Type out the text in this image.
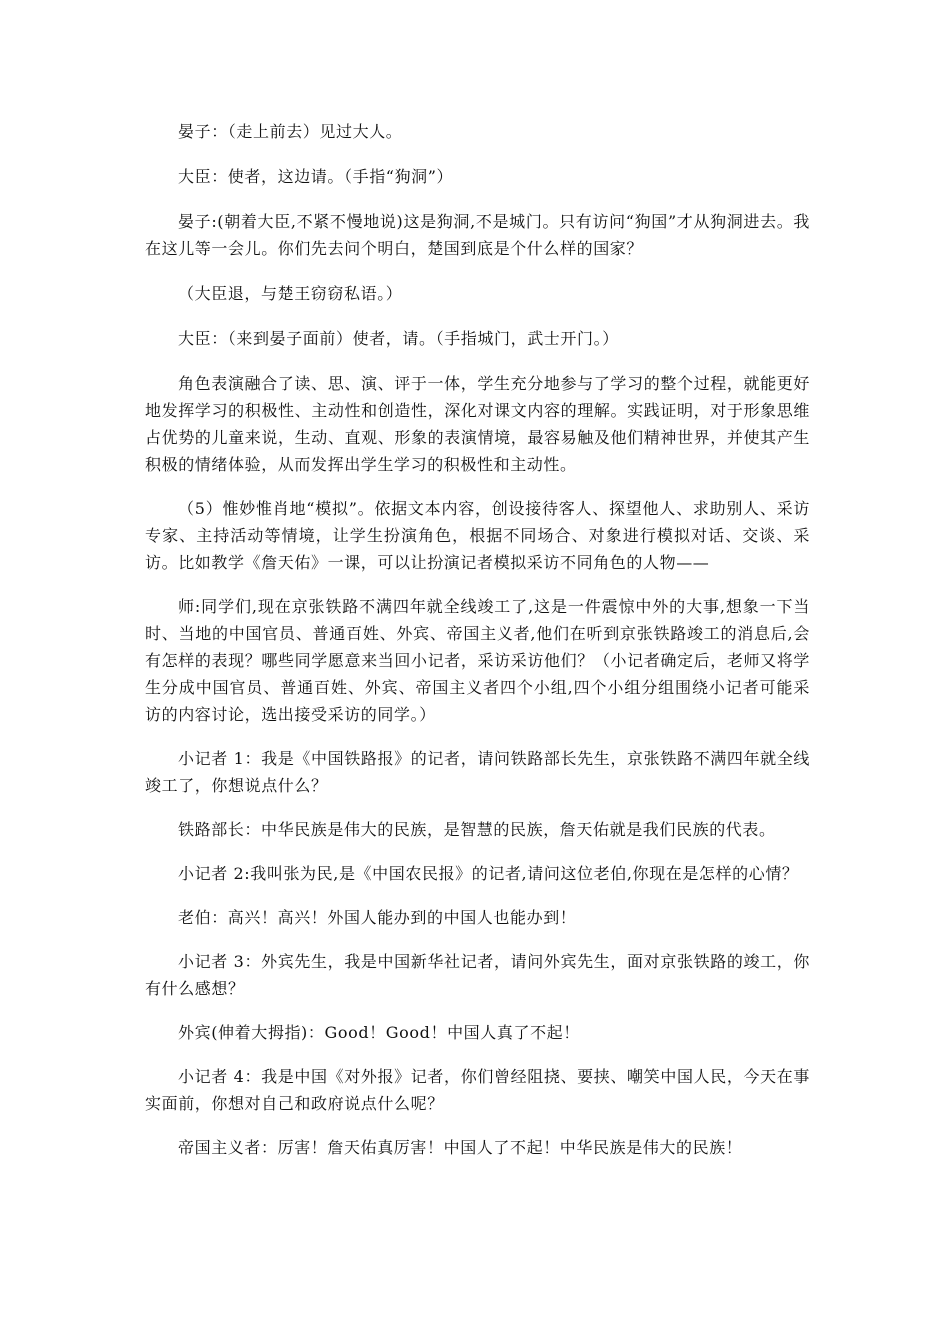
晏子：（走上前去）见过大人。

大臣：使者，这边请。（手指“狗洞”）

晏子:(朝着大臣,不紧不慢地说)这是狗洞,不是城门。只有访问“狗国”才从狗洞进去。我在这儿等一会儿。你们先去问个明白，楚国到底是个什么样的国家？

（大臣退，与楚王窃窃私语。）

大臣：（来到晏子面前）使者，请。（手指城门，武士开门。）

角色表演融合了读、思、演、评于一体，学生充分地参与了学习的整个过程，就能更好地发挥学习的积极性、主动性和创造性，深化对课文内容的理解。实践证明，对于形象思维占优势的儿童来说，生动、直观、形象的表演情境，最容易触及他们精神世界，并使其产生积极的情绪体验，从而发挥出学生学习的积极性和主动性。

（5）惟妙惟肖地“模拟”。依据文本内容，创设接待客人、探望他人、求助别人、采访专家、主持活动等情境，让学生扮演角色，根据不同场合、对象进行模拟对话、交谈、采访。比如教学《詹天佑》一课，可以让扮演记者模拟采访不同角色的人物——

师:同学们,现在京张铁路不满四年就全线竣工了,这是一件震惊中外的大事,想象一下当时、当地的中国官员、普通百姓、外宾、帝国主义者,他们在听到京张铁路竣工的消息后,会有怎样的表现？哪些同学愿意来当回小记者，采访采访他们？（小记者确定后，老师又将学生分成中国官员、普通百姓、外宾、帝国主义者四个小组,四个小组分组围绕小记者可能采访的内容讨论，选出接受采访的同学。）

小记者 1：我是《中国铁路报》的记者，请问铁路部长先生，京张铁路不满四年就全线竣工了，你想说点什么？

铁路部长：中华民族是伟大的民族，是智慧的民族，詹天佑就是我们民族的代表。

小记者 2:我叫张为民,是《中国农民报》的记者,请问这位老伯,你现在是怎样的心情？

老伯：高兴！高兴！外国人能办到的中国人也能办到！

小记者 3：外宾先生，我是中国新华社记者，请问外宾先生，面对京张铁路的竣工，你有什么感想？

外宾(伸着大拇指)：Good！Good！中国人真了不起！

小记者 4：我是中国《对外报》记者，你们曾经阻挠、要挟、嘲笑中国人民，今天在事实面前，你想对自己和政府说点什么呢？

帝国主义者：厉害！詹天佑真厉害！中国人了不起！中华民族是伟大的民族！
